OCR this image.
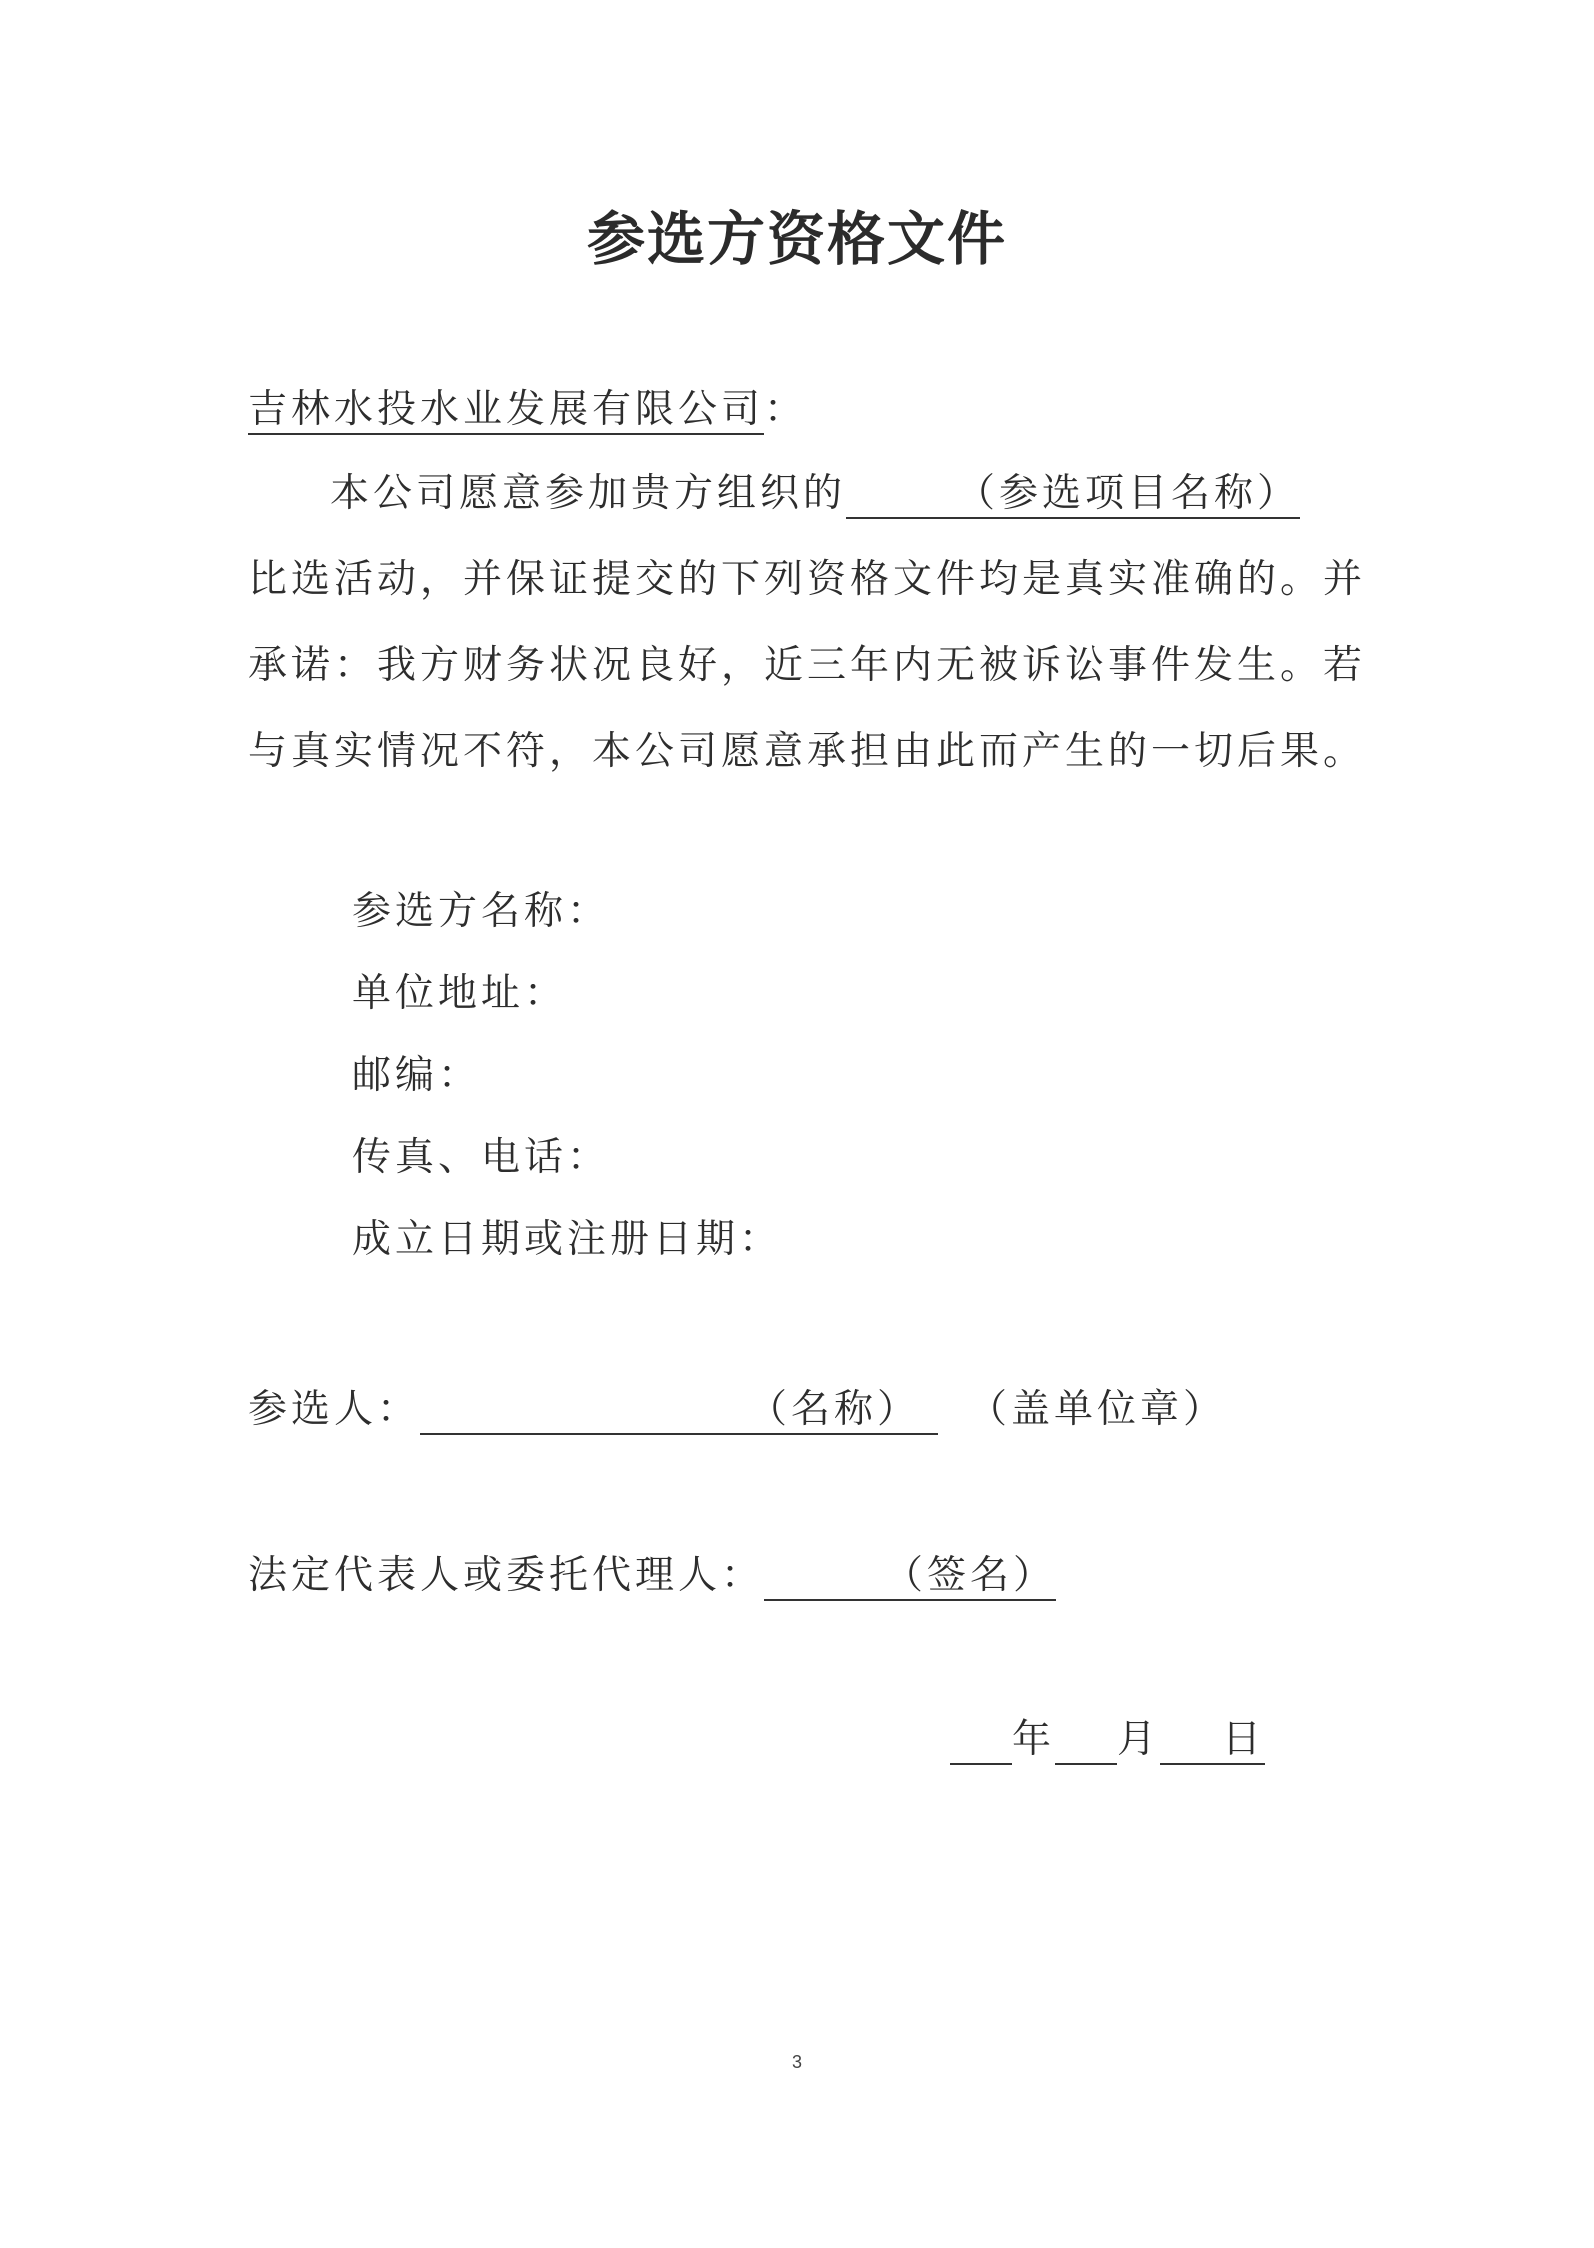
参选方资格文件
吉林水投水业发展有限公司：
本公司愿意参加贵方组织的	（参选项目名称）
比选活动，并保证提交的下列资格文件均是真实准确的。并
承诺：我方财务状况良好，近三年内无被诉讼事件发生。若
与真实情况不符，本公司愿意承担由此而产生的一切后果。
参选方名称：
单位地址：
邮编：
传真、电话：
成立日期或注册日期：
参选人：	（名称） （盖单位章）
法定代表人或委托代理人：	（签名）
年 月 日
3
